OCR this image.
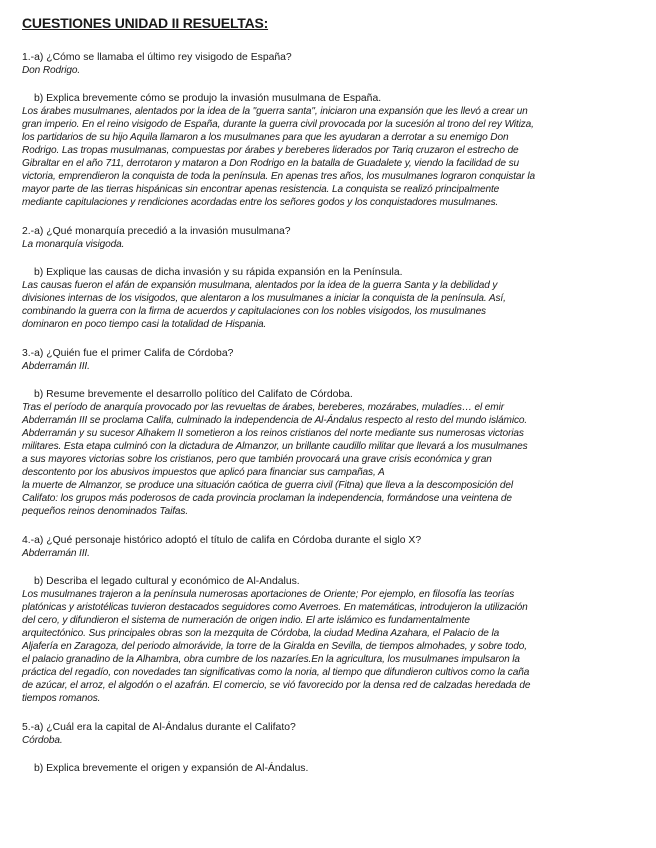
CUESTIONES UNIDAD II RESUELTAS:

1.-a) ¿Cómo se llamaba el último rey visigodo de España?

Don Rodrigo.

b) Explica brevemente cómo se produjo la invasión musulmana de España.

Los árabes musulmanes, alentados por la idea de la "guerra santa", iniciaron una expansión que les llevó a crear un

gran imperio. En el reino visigodo de España, durante la guerra civil provocada por la sucesión al trono del rey Witiza,

los partidarios de su hijo Aquila llamaron a los musulmanes para que les ayudaran a derrotar a su enemigo Don

Rodrigo. Las tropas musulmanas, compuestas por árabes y bereberes liderados por Tariq cruzaron el estrecho de

Gibraltar en el año 711, derrotaron y mataron a Don Rodrigo en la batalla de Guadalete y, viendo la facilidad de su

victoria, emprendieron la conquista de toda la península. En apenas tres años, los musulmanes lograron conquistar la

mayor parte de las tierras hispánicas sin encontrar apenas resistencia. La conquista se realizó principalmente

mediante capitulaciones y rendiciones acordadas entre los señores godos y los conquistadores musulmanes.

2.-a) ¿Qué monarquía precedió a la invasión musulmana?

La monarquía visigoda.

b) Explique las causas de dicha invasión y su rápida expansión en la Península.

Las causas fueron el afán de expansión musulmana, alentados por la idea de la guerra Santa y la debilidad y

divisiones internas de los visigodos, que alentaron a los musulmanes a iniciar la conquista de la península. Así,

combinando la guerra con la firma de acuerdos y capitulaciones con los nobles visigodos, los musulmanes

dominaron en poco tiempo casi la totalidad de Hispania.

3.-a) ¿Quién fue el primer Califa de Córdoba?

Abderramán III.

b) Resume brevemente el desarrollo político del Califato de Córdoba.

Tras el período de anarquía provocado por las revueltas de árabes, bereberes, mozárabes, muladíes… el emir

Abderramán III se proclama Califa, culminado la independencia de Al-Ándalus respecto al resto del mundo islámico.

Abderramán y su sucesor Alhakem II sometieron a los reinos cristianos del norte mediante sus numerosas victorias

militares. Esta etapa culminó con la dictadura de Almanzor, un brillante caudillo militar que llevará a los musulmanes

a sus mayores victorias sobre los cristianos, pero que también provocará una grave crisis económica y gran

descontento por los abusivos impuestos que aplicó para financiar sus campañas, A

la muerte de Almanzor, se produce una situación caótica de guerra civil (Fitna) que lleva a la descomposición del

Califato: los grupos más poderosos de cada provincia proclaman la independencia, formándose una veintena de

pequeños reinos denominados Taifas.

4.-a) ¿Qué personaje histórico adoptó el título de califa en Córdoba durante el siglo X?

Abderramán III.

b) Describa el legado cultural y económico de Al-Andalus.

Los musulmanes trajeron a la península numerosas aportaciones de Oriente; Por ejemplo, en filosofía las teorías

platónicas y aristotélicas tuvieron destacados seguidores como Averroes. En matemáticas, introdujeron la utilización

del cero, y difundieron el sistema de numeración de origen indio. El arte islámico es fundamentalmente

arquitectónico. Sus principales obras son la mezquita de Córdoba, la ciudad Medina Azahara, el Palacio de la

Aljafería en Zaragoza, del periodo almorávide, la torre de la Giralda en Sevilla, de tiempos almohades, y sobre todo,

el palacio granadino de la Alhambra, obra cumbre de los nazaríes.En la agricultura, los musulmanes impulsaron la

práctica del regadío, con novedades tan significativas como la noria, al tiempo que difundieron cultivos como la caña

de azúcar, el arroz, el algodón o el azafrán. El comercio, se vió favorecido por la densa red de calzadas heredada de

tiempos romanos.

5.-a) ¿Cuál era la capital de Al-Ándalus durante el Califato?

Córdoba.

b) Explica brevemente el origen y expansión de Al-Ándalus.
